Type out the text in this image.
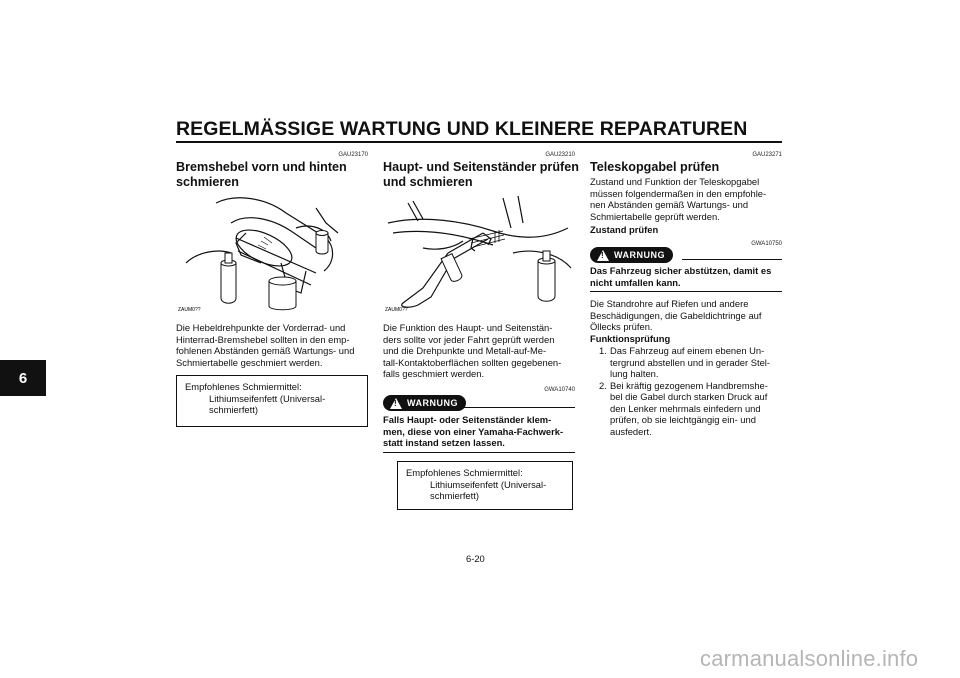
REGELMÄSSIGE WARTUNG UND KLEINERE REPARATUREN
6
GAU23170
Bremshebel vorn und hinten
schmieren
ZAUM0??
Die Hebeldrehpunkte der Vorderrad- und
Hinterrad-Bremshebel sollten in den emp-
fohlenen Abständen gemäß Wartungs- und
Schmiertabelle geschmiert werden.
Empfohlenes Schmiermittel:
Lithiumseifenfett (Universal-
schmierfett)
GAU23210
Haupt- und Seitenständer prüfen
und schmieren
ZAUM0??
Die Funktion des Haupt- und Seitenstän-
ders sollte vor jeder Fahrt geprüft werden
und die Drehpunkte und Metall-auf-Me-
tall-Kontaktoberflächen sollten gegebenen-
falls geschmiert werden.
GWA10740
! WARNUNG
Falls Haupt- oder Seitenständer klem-
men, diese von einer Yamaha-Fachwerk-
statt instand setzen lassen.
Empfohlenes Schmiermittel:
Lithiumseifenfett (Universal-
schmierfett)
GAU23271
Teleskopgabel prüfen
Zustand und Funktion der Teleskopgabel
müssen folgendermaßen in den empfohle-
nen Abständen gemäß Wartungs- und
Schmiertabelle geprüft werden.
Zustand prüfen
GWA10750
! WARNUNG
Das Fahrzeug sicher abstützen, damit es
nicht umfallen kann.
Die Standrohre auf Riefen und andere
Beschädigungen, die Gabeldichtringe auf
Öllecks prüfen.
Funktionsprüfung
1. Das Fahrzeug auf einem ebenen Un-
tergrund abstellen und in gerader Stel-
lung halten.
2. Bei kräftig gezogenem Handbremshe-
bel die Gabel durch starken Druck auf
den Lenker mehrmals einfedern und
prüfen, ob sie leichtgängig ein- und
ausfedert.
6-20
carmanualsonline.info
